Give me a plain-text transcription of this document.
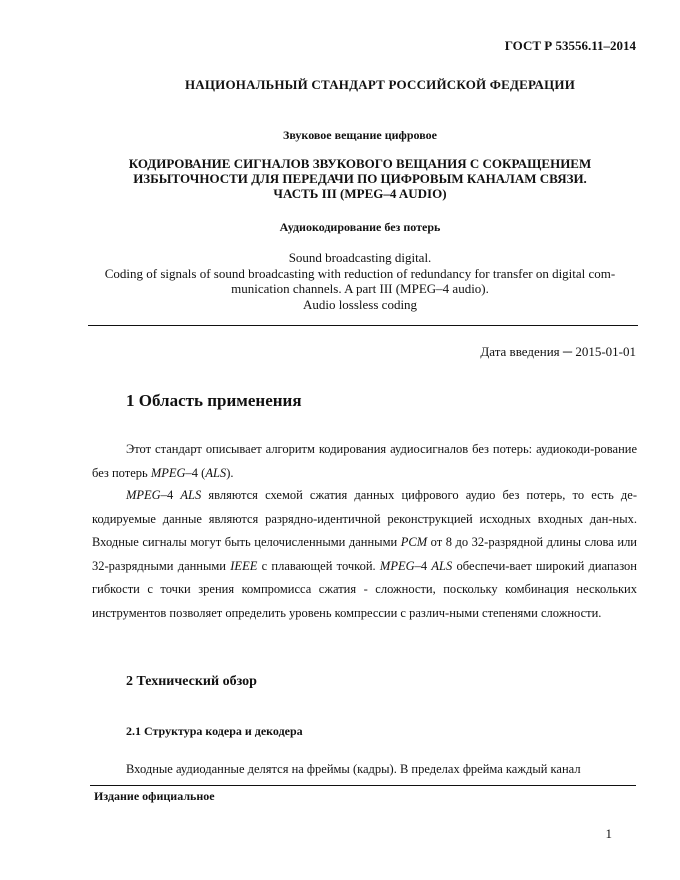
ГОСТ Р 53556.11–2014
НАЦИОНАЛЬНЫЙ СТАНДАРТ РОССИЙСКОЙ ФЕДЕРАЦИИ
Звуковое вещание цифровое
КОДИРОВАНИЕ СИГНАЛОВ ЗВУКОВОГО ВЕЩАНИЯ С СОКРАЩЕНИЕМ
ИЗБЫТОЧНОСТИ ДЛЯ ПЕРЕДАЧИ ПО ЦИФРОВЫМ КАНАЛАМ СВЯЗИ.
ЧАСТЬ III (MPEG–4 AUDIO)
Аудиокодирование без потерь
Sound broadcasting digital.
Coding of signals of sound broadcasting with reduction of redundancy for transfer on digital com-
munication channels. A part III (MPEG–4 audio).
Audio lossless coding
Дата введения ─ 2015-01-01
1 Область применения

Этот стандарт описывает алгоритм кодирования аудиосигналов без потерь: аудиокоди-рование без потерь MPEG–4 (ALS).

MPEG–4 ALS являются схемой сжатия данных цифрового аудио без потерь, то есть де-кодируемые данные являются разрядно-идентичной реконструкцией исходных входных дан-ных. Входные сигналы могут быть целочисленными данными PCM от 8 до 32-разрядной длины слова или 32-разрядными данными IEEE с плавающей точкой. MPEG–4 ALS обеспечи-вает широкий диапазон гибкости с точки зрения компромисса сжатия - сложности, поскольку комбинация нескольких инструментов позволяет определить уровень компрессии с различ-ными степенями сложности.

2 Технический обзор
2.1 Структура кодера и декодера

Входные аудиоданные делятся на фреймы (кадры). В пределах фрейма каждый канал

Издание официальное
1
